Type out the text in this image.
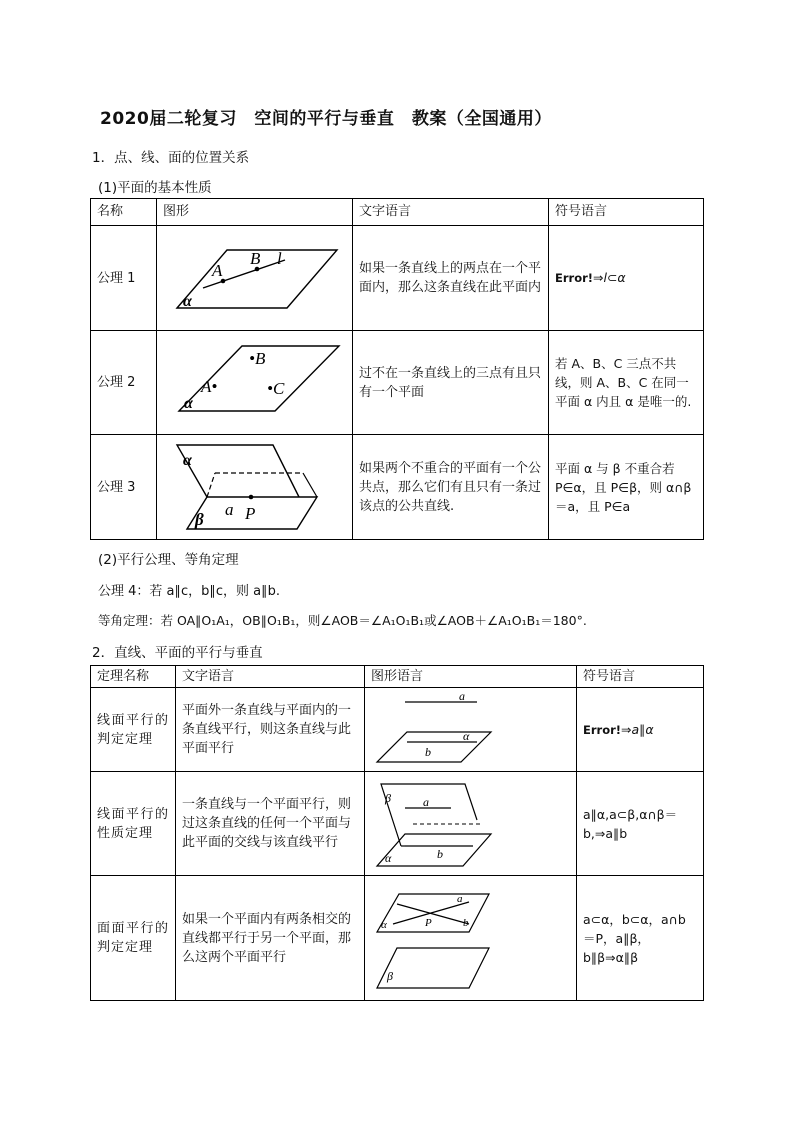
2020届二轮复习　空间的平行与垂直　教案（全国通用）
1．点、线、面的位置关系
(1)平面的基本性质
名称	图形	文字语言	符号语言
公理 1	A
B l
α	如果一条直线上的两点在一个平面内，那么这条直线在此平面内	Error!⇒l⊂α
公理 2	•B
A• •C
α	过不在一条直线上的三点有且只有一个平面	若 A、B、C 三点不共线，则 A、B、C 在同一平面 α 内且 α 是唯一的.
公理 3	α
a P
β	如果两个不重合的平面有一个公共点，那么它们有且只有一条过该点的公共直线.	平面 α 与 β 不重合若 P∈α，且 P∈β，则 α∩β＝a，且 P∈a
(2)平行公理、等角定理
公理 4：若 a∥c，b∥c，则 a∥b.
等角定理：若 OA∥O₁A₁，OB∥O₁B₁，则∠AOB＝∠A₁O₁B₁或∠AOB＋∠A₁O₁B₁＝180°.
2．直线、平面的平行与垂直
定理名称	文字语言	图形语言	符号语言
线面平行的判定定理	平面外一条直线与平面内的一条直线平行，则这条直线与此平面平行	a
α
b	Error!⇒a∥α
线面平行的性质定理	一条直线与一个平面平行，则过这条直线的任何一个平面与此平面的交线与该直线平行	β a
α b	a∥α,a⊂β,α∩β＝b,⇒a∥b
面面平行的判定定理	如果一个平面内有两条相交的直线都平行于另一个平面，那么这两个平面平行	a
P
α b
β	a⊂α，b⊂α，a∩b＝P，a∥β，b∥β⇒α∥β
